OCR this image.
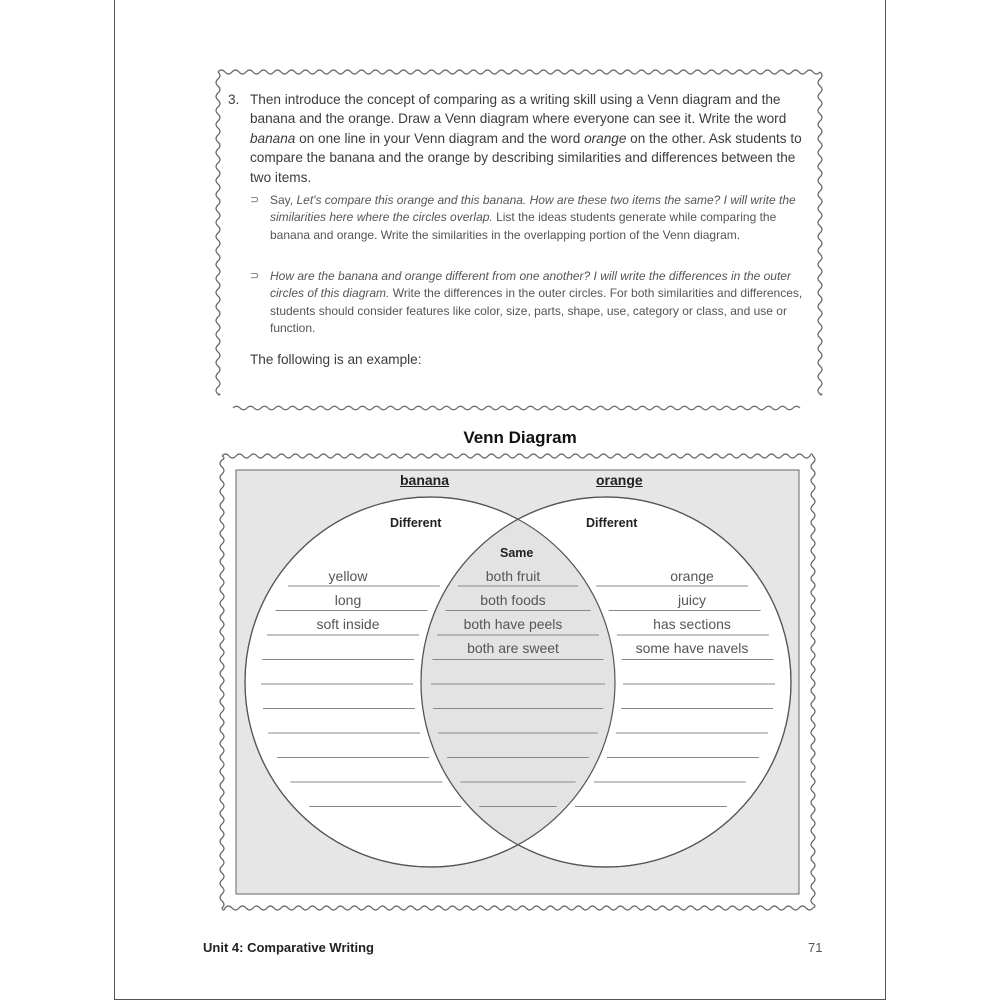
3. Then introduce the concept of comparing as a writing skill using a Venn diagram and the banana and the orange. Draw a Venn diagram where everyone can see it. Write the word banana on one line in your Venn diagram and the word orange on the other. Ask students to compare the banana and the orange by describing similarities and differences between the two items.
⊃ Say, Let's compare this orange and this banana. How are these two items the same? I will write the similarities here where the circles overlap. List the ideas students generate while comparing the banana and orange. Write the similarities in the overlapping portion of the Venn diagram.
⊃ How are the banana and orange different from one another? I will write the differences in the outer circles of this diagram. Write the differences in the outer circles. For both similarities and differences, students should consider features like color, size, parts, shape, use, category or class, and use or function.
The following is an example:
Venn Diagram
banana	orange
Different	Different
Same
yellow
long
soft inside
both fruit
both foods
both have peels
both are sweet
orange
juicy
has sections
some have navels
Unit 4: Comparative Writing	71
